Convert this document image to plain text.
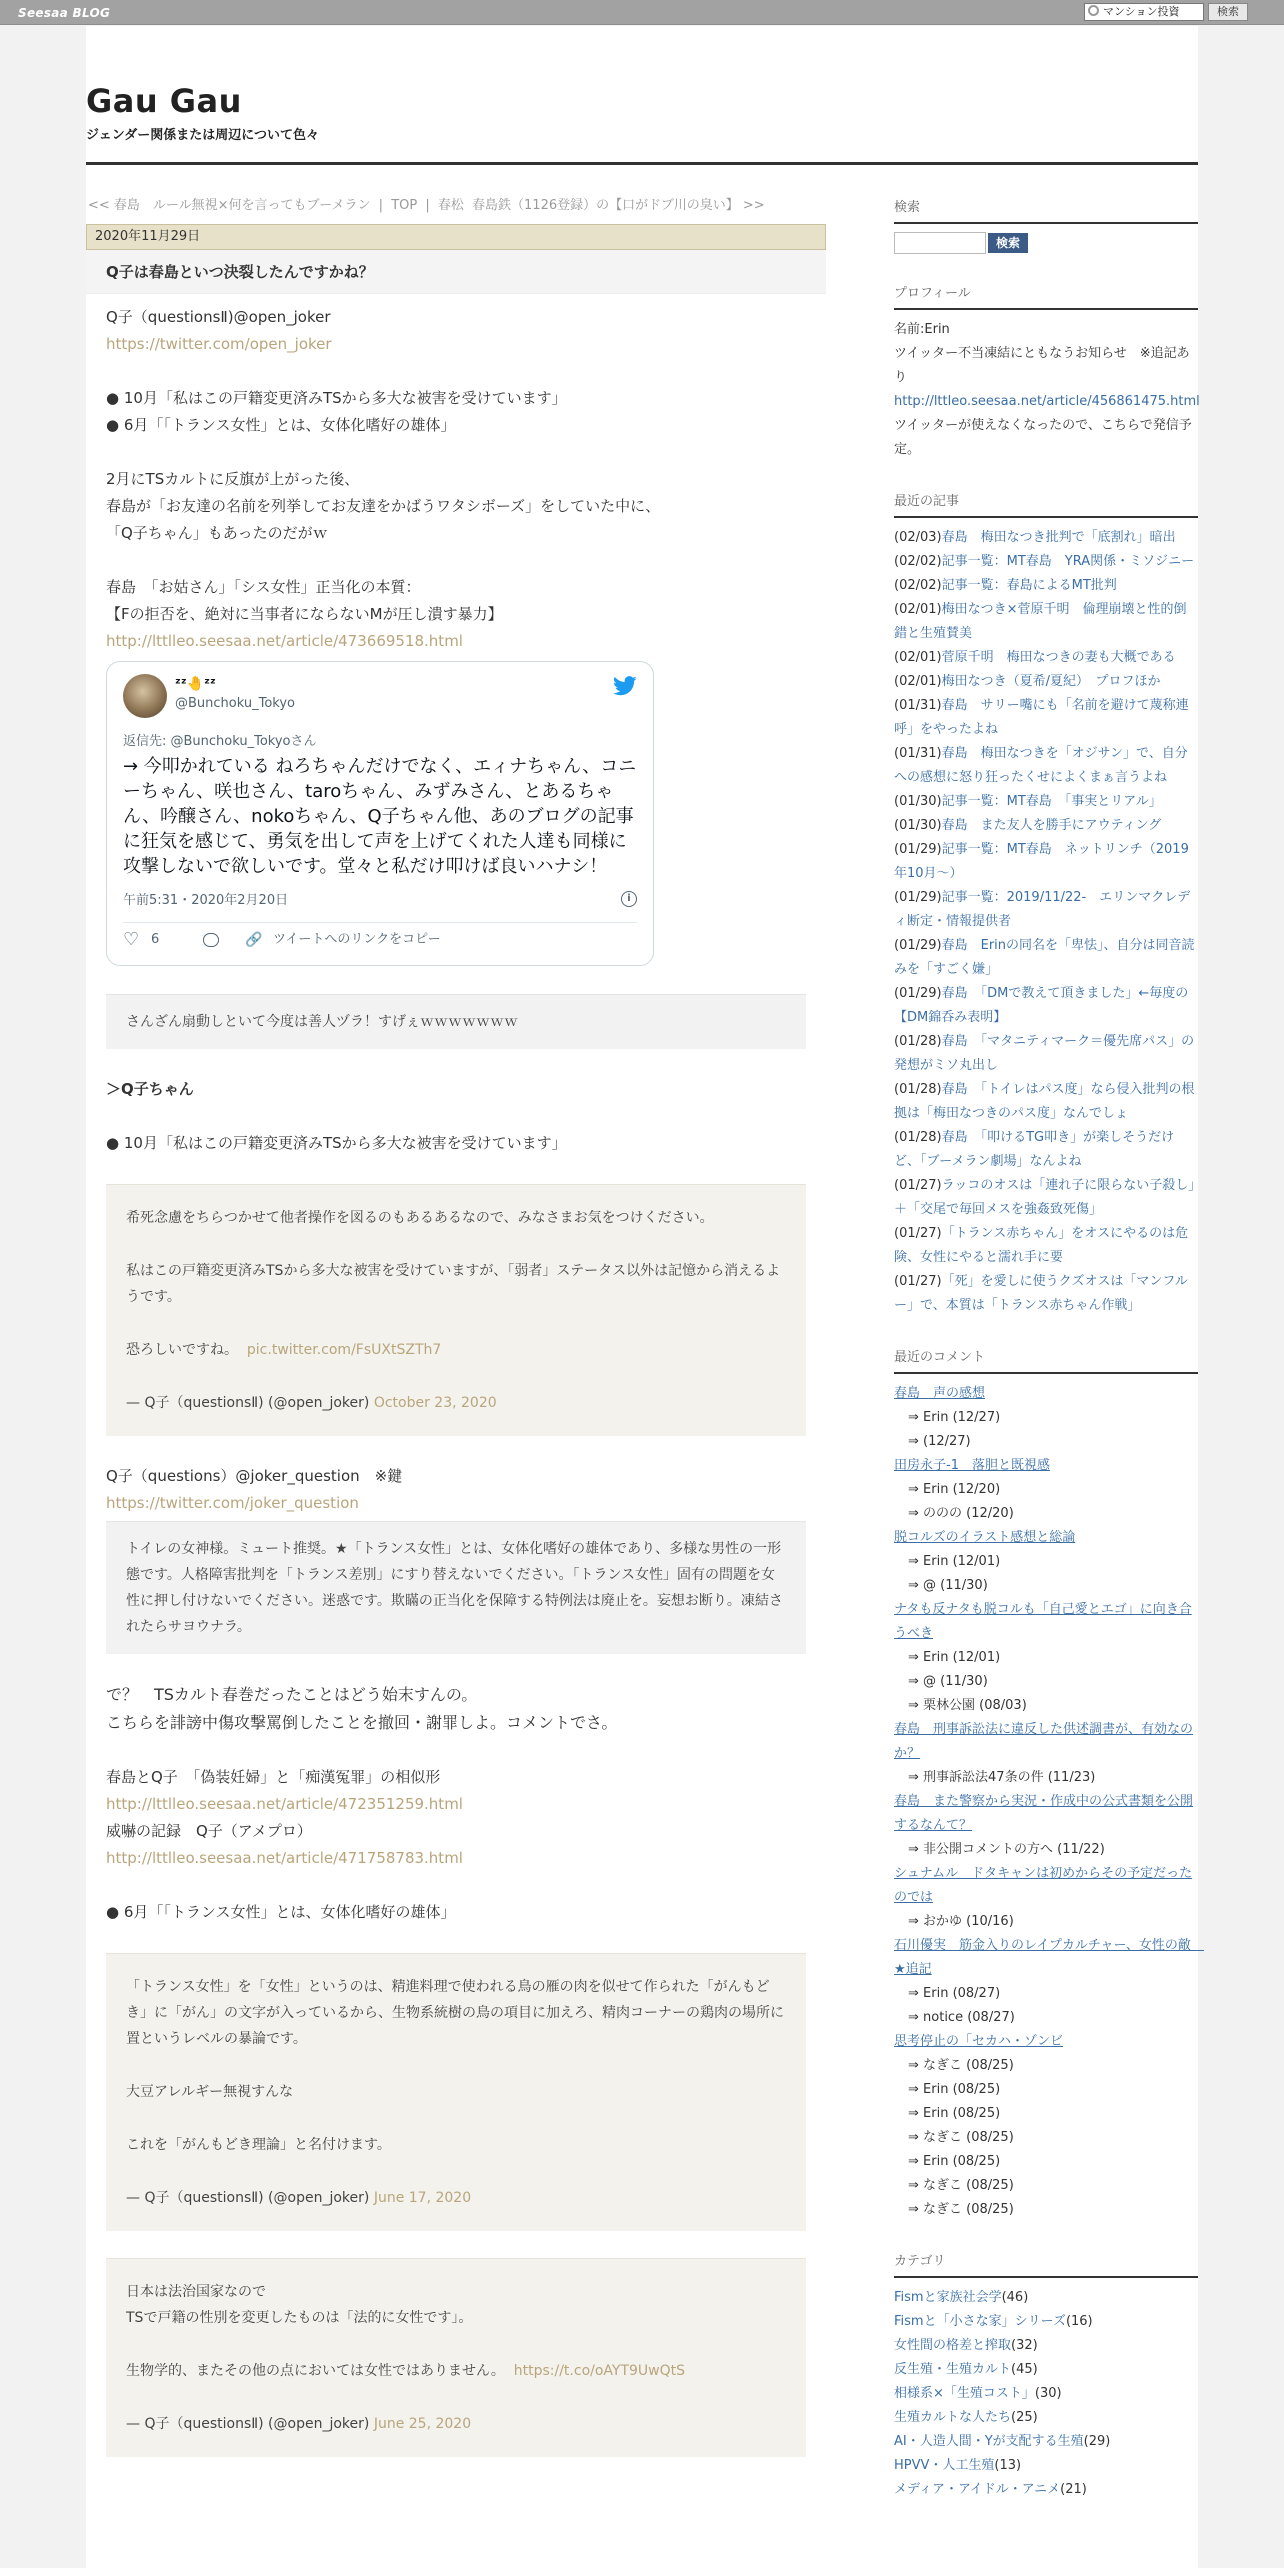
Seesaa BLOG	マンション投資	検索
Gau Gau
ジェンダー関係または周辺について色々
<< 春島　ルール無視×何を言ってもブーメラン | TOP | 春松 春島鉄（1126登録）の【口がドブ川の臭い】 >>
2020年11月29日
Q子は春島といつ決裂したんですかね？

Q子（questionsⅡ)@open_joker

https://twitter.com/open_joker

● 10月「私はこの戸籍変更済みTSから多大な被害を受けています」

● 6月「「トランス女性」とは、女体化嗜好の雄体」

2月にTSカルトに反旗が上がった後、

春島が「お友達の名前を列挙してお友達をかばうワタシボーズ」をしていた中に、

「Q子ちゃん」もあったのだがｗ

春島　「お姑さん」「シス女性」正当化の本質：

【Fの拒否を、絶対に当事者にならないMが圧し潰す暴力】

http://lttlleo.seesaa.net/article/473669518.html

ᶻᶻ🤚ᶻᶻ
@Bunchoku_Tokyo
返信先: @Bunchoku_Tokyoさん
→ 今叩かれている ねろちゃんだけでなく、エィナちゃん、コニーちゃん、咲也さん、taroちゃん、みずみさん、とあるちゃん、吟醸さん、nokoちゃん、Q子ちゃん他、あのブログの記事に狂気を感じて、勇気を出して声を上げてくれた人達も同様に攻撃しないで欲しいです。堂々と私だけ叩けば良いハナシ！
午前5:31・2020年2月20日	i
♡ 6	🔗 ツイートへのリンクをコピー
さんざん扇動しといて今度は善人ヅラ！すげぇｗｗｗｗｗｗｗ

＞Q子ちゃん

● 10月「私はこの戸籍変更済みTSから多大な被害を受けています」

希死念慮をちらつかせて他者操作を図るのもあるあるなので、みなさまお気をつけください。

私はこの戸籍変更済みTSから多大な被害を受けていますが、「弱者」ステータス以外は記憶から消えるようです。

恐ろしいですね。 pic.twitter.com/FsUXtSZTh7

— Q子（questionsⅡ) (@open_joker) October 23, 2020

Q子（questions）@joker_question　※鍵

https://twitter.com/joker_question

トイレの女神様。ミュート推奨。★「トランス女性」とは、女体化嗜好の雄体であり、多様な男性の一形態です。人格障害批判を「トランス差別」にすり替えないでください。「トランス女性」固有の問題を女性に押し付けないでください。迷惑です。欺瞞の正当化を保障する特例法は廃止を。妄想お断り。凍結されたらサヨウナラ。

で？　TSカルト春巻だったことはどう始末すんの。

こちらを誹謗中傷攻撃罵倒したことを撤回・謝罪しよ。コメントでさ。

春島とQ子　「偽装妊婦」と「痴漢冤罪」の相似形

http://lttlleo.seesaa.net/article/472351259.html

威嚇の記録　Q子（アメプロ）

http://lttlleo.seesaa.net/article/471758783.html

● 6月「「トランス女性」とは、女体化嗜好の雄体」

「トランス女性」を「女性」というのは、精進料理で使われる鳥の雁の肉を似せて作られた「がんもどき」に「がん」の文字が入っているから、生物系統樹の鳥の項目に加えろ、精肉コーナーの鶏肉の場所に置というレベルの暴論です。

大豆アレルギー無視すんな

これを「がんもどき理論」と名付けます。

— Q子（questionsⅡ) (@open_joker) June 17, 2020

日本は法治国家なので

TSで戸籍の性別を変更したものは「法的に女性です」。

生物学的、またその他の点においては女性ではありません。 https://t.co/oAYT9UwQtS

— Q子（questionsⅡ) (@open_joker) June 25, 2020

検索
検索
プロフィール
名前:Erin
ツイッター不当凍結にともなうお知らせ　※追記あり
http://lttleo.seesaa.net/article/456861475.html
ツイッターが使えなくなったので、こちらで発信予定。
最近の記事
(02/03)春島　梅田なつき批判で「底割れ」暗出
(02/02)記事一覧：MT春島　YRA関係・ミソジニー
(02/02)記事一覧：春島によるMT批判
(02/01)梅田なつき×菅原千明　倫理崩壊と性的倒錯と生殖賛美
(02/01)菅原千明　梅田なつきの妻も大概である
(02/01)梅田なつき（夏希/夏紀）　プロフほか
(01/31)春島　サリー嘴にも「名前を避けて蔑称連呼」をやったよね
(01/31)春島　梅田なつきを「オジサン」で、自分への感想に怒り狂ったくせによくまぁ言うよね
(01/30)記事一覧：MT春島　「事実とリアル」
(01/30)春島　また友人を勝手にアウティング
(01/29)記事一覧：MT春島　ネットリンチ（2019年10月～）
(01/29)記事一覧：2019/11/22-　エリンマクレディ断定・情報提供者
(01/29)春島　Erinの同名を「卑怯」、自分は同音読みを「すごく嫌」
(01/29)春島　「DMで教えて頂きました」←毎度の【DM錦呑み表明】
(01/28)春島　「マタニティマーク＝優先席パス」の発想がミソ丸出し
(01/28)春島　「トイレはパス度」なら侵入批判の根拠は「梅田なつきのパス度」なんでしょ
(01/28)春島　「叩けるTG叩き」が楽しそうだけど、「ブーメラン劇場」なんよね
(01/27)ラッコのオスは「連れ子に限らない子殺し」＋「交尾で毎回メスを強姦致死傷」
(01/27)「トランス赤ちゃん」をオスにやるのは危険、女性にやると濡れ手に要
(01/27)「死」を愛しに使うクズオスは「マンフルー」で、本質は「トランス赤ちゃん作戦」
最近のコメント
春島　声の感想
⇒ Erin (12/27)
⇒ (12/27)
田房永子-1　落胆と既視感
⇒ Erin (12/20)
⇒ ののの (12/20)
脱コルズのイラスト感想と総論
⇒ Erin (12/01)
⇒ @ (11/30)
ナタも反ナタも脱コルも「自己愛とエゴ」に向き合うべき
⇒ Erin (12/01)
⇒ @ (11/30)
⇒ 栗林公園 (08/03)
春島　刑事訴訟法に違反した供述調書が、有効なのか？
⇒ 刑事訴訟法47条の件 (11/23)
春島　また警察から実況・作成中の公式書類を公開するなんて？
⇒ 非公開コメントの方へ (11/22)
シュナムル　ドタキャンは初めからその予定だったのでは
⇒ おかゆ (10/16)
石川優実　筋金入りのレイプカルチャー、女性の敵　★追記
⇒ Erin (08/27)
⇒ notice (08/27)
思考停止の「セカハ・ゾンビ
⇒ なぎこ (08/25)
⇒ Erin (08/25)
⇒ Erin (08/25)
⇒ なぎこ (08/25)
⇒ Erin (08/25)
⇒ なぎこ (08/25)
⇒ なぎこ (08/25)
カテゴリ
Fismと家族社会学(46)
Fismと「小さな家」シリーズ(16)
女性間の格差と搾取(32)
反生殖・生殖カルト(45)
相様系×「生殖コスト」(30)
生殖カルトな人たち(25)
AI・人造人間・Yが支配する生殖(29)
HPVV・人工生殖(13)
メディア・アイドル・アニメ(21)
